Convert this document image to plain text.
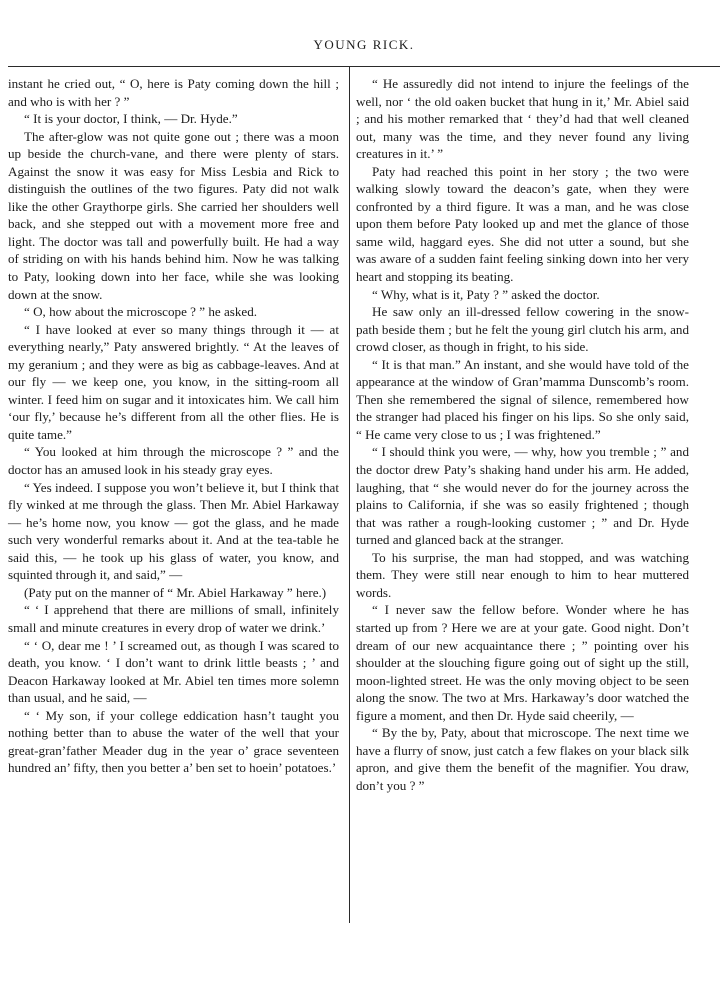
YOUNG RICK.

instant he cried out, “ O, here is Paty coming down the hill ; and who is with her ? ”

“ It is your doctor, I think, — Dr. Hyde.”

The after-glow was not quite gone out ; there was a moon up beside the church-vane, and there were plenty of stars. Against the snow it was easy for Miss Lesbia and Rick to distinguish the outlines of the two figures. Paty did not walk like the other Graythorpe girls. She carried her shoulders well back, and she stepped out with a movement more free and light. The doctor was tall and powerfully built. He had a way of striding on with his hands behind him. Now he was talking to Paty, looking down into her face, while she was looking down at the snow.

“ O, how about the microscope ? ” he asked.

“ I have looked at ever so many things through it — at everything nearly,” Paty answered brightly. “ At the leaves of my geranium ; and they were as big as cabbage-leaves. And at our fly — we keep one, you know, in the sitting-room all winter. I feed him on sugar and it intoxicates him. We call him ‘our fly,’ because he’s different from all the other flies. He is quite tame.”

“ You looked at him through the microscope ? ” and the doctor has an amused look in his steady gray eyes.

“ Yes indeed. I suppose you won’t believe it, but I think that fly winked at me through the glass. Then Mr. Abiel Harkaway — he’s home now, you know — got the glass, and he made such very wonderful remarks about it. And at the tea-table he said this, — he took up his glass of water, you know, and squinted through it, and said,” —

(Paty put on the manner of “ Mr. Abiel Harkaway ” here.)

“ ‘ I apprehend that there are millions of small, infinitely small and minute creatures in every drop of water we drink.’

“ ‘ O, dear me ! ’ I screamed out, as though I was scared to death, you know. ‘ I don’t want to drink little beasts ; ’ and Deacon Harkaway looked at Mr. Abiel ten times more solemn than usual, and he said, —

“ ‘ My son, if your college eddication hasn’t taught you nothing better than to abuse the water of the well that your great-gran’father Meader dug in the year o’ grace seventeen hundred an’ fifty, then you better a’ ben set to hoein’ potatoes.’

“ He assuredly did not intend to injure the feelings of the well, nor ‘ the old oaken bucket that hung in it,’ Mr. Abiel said ; and his mother remarked that ‘ they’d had that well cleaned out, many was the time, and they never found any living creatures in it.’ ”

Paty had reached this point in her story ; the two were walking slowly toward the deacon’s gate, when they were confronted by a third figure. It was a man, and he was close upon them before Paty looked up and met the glance of those same wild, haggard eyes. She did not utter a sound, but she was aware of a sudden faint feeling sinking down into her very heart and stopping its beating.

“ Why, what is it, Paty ? ” asked the doctor.

He saw only an ill-dressed fellow cowering in the snow-path beside them ; but he felt the young girl clutch his arm, and crowd closer, as though in fright, to his side.

“ It is that man.” An instant, and she would have told of the appearance at the window of Gran’mamma Dunscomb’s room. Then she remembered the signal of silence, remembered how the stranger had placed his finger on his lips. So she only said, “ He came very close to us ; I was frightened.”

“ I should think you were, — why, how you tremble ; ” and the doctor drew Paty’s shaking hand under his arm. He added, laughing, that “ she would never do for the journey across the plains to California, if she was so easily frightened ; though that was rather a rough-looking customer ; ” and Dr. Hyde turned and glanced back at the stranger.

To his surprise, the man had stopped, and was watching them. They were still near enough to him to hear muttered words.

“ I never saw the fellow before. Wonder where he has started up from ? Here we are at your gate. Good night. Don’t dream of our new acquaintance there ; ” pointing over his shoulder at the slouching figure going out of sight up the still, moon-lighted street. He was the only moving object to be seen along the snow. The two at Mrs. Harkaway’s door watched the figure a moment, and then Dr. Hyde said cheerily, —

“ By the by, Paty, about that microscope. The next time we have a flurry of snow, just catch a few flakes on your black silk apron, and give them the benefit of the magnifier. You draw, don’t you ? ”
